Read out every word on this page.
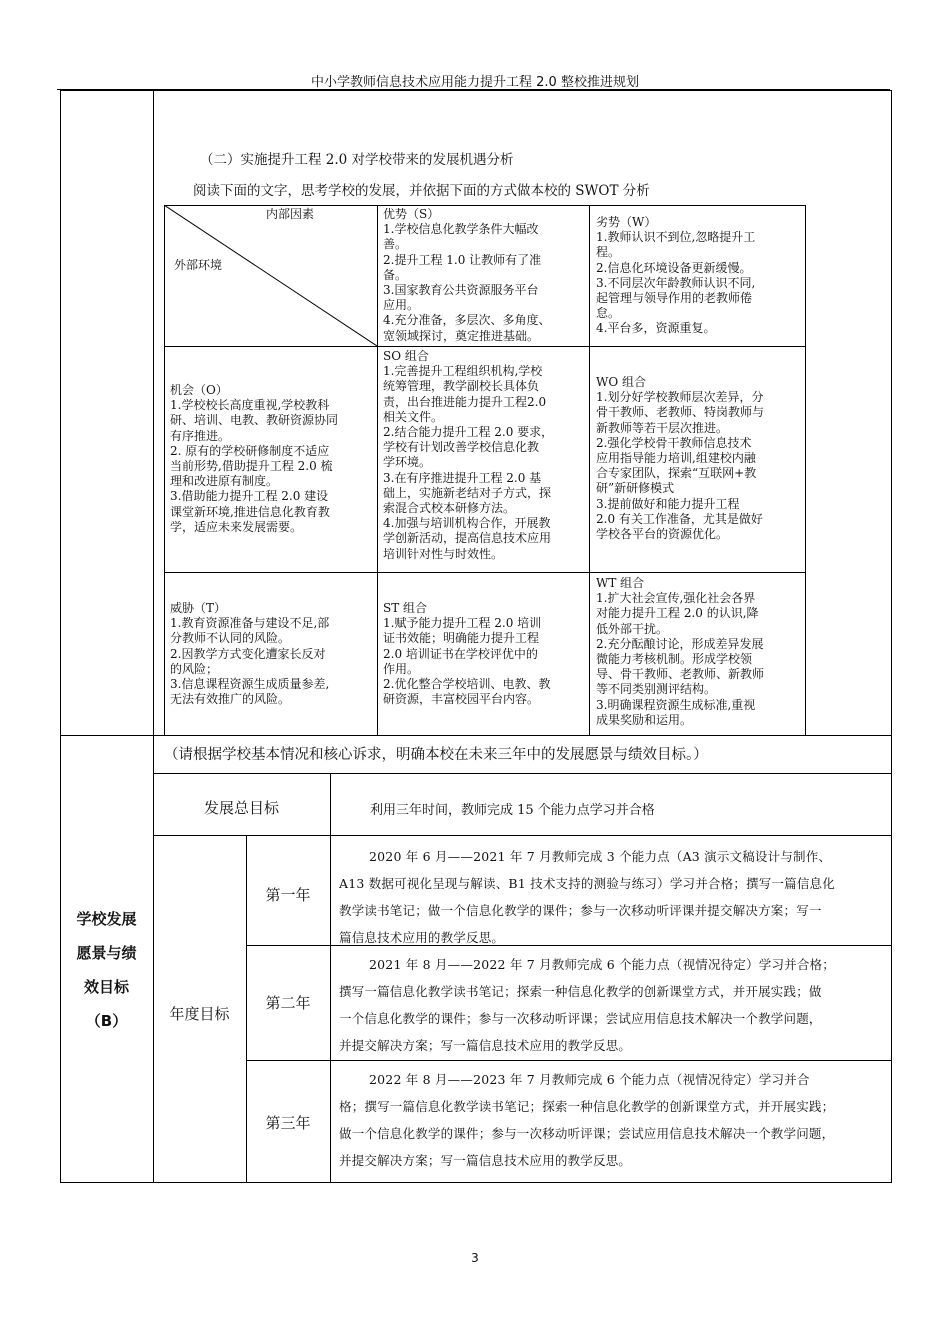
中小学教师信息技术应用能力提升工程 2.0 整校推进规划
（二）实施提升工程 2.0 对学校带来的发展机遇分析
阅读下面的文字，思考学校的发展，并依据下面的方式做本校的 SWOT 分析
内部因素
外部环境
优势（S）
1.学校信息化教学条件大幅改
善。
2.提升工程 1.0 让教师有了准
备。
3.国家教育公共资源服务平台
应用。
4.充分准备，多层次、多角度、
宽领域探讨，奠定推进基础。
劣势（W）
1.教师认识不到位,忽略提升工
程。
2.信息化环境设备更新缓慢。
3.不同层次年龄教师认识不同,
起管理与领导作用的老教师倦
怠。
4.平台多，资源重复。
机会（O）
1.学校校长高度重视,学校教科
研、培训、电教、教研资源协同
有序推进。
2. 原有的学校研修制度不适应
当前形势,借助提升工程 2.0 梳
理和改进原有制度。
3.借助能力提升工程 2.0 建设
课堂新环境,推进信息化教育教
学，适应未来发展需要。
SO 组合
1.完善提升工程组织机构,学校
统筹管理，教学副校长具体负
责，出台推进能力提升工程2.0
相关文件。
2.结合能力提升工程 2.0 要求，
学校有计划改善学校信息化教
学环境。
3.在有序推进提升工程 2.0 基
础上，实施新老结对子方式，探
索混合式校本研修方法。
4.加强与培训机构合作，开展教
学创新活动，提高信息技术应用
培训针对性与时效性。
WO 组合
1.划分好学校教师层次差异，分
骨干教师、老教师、特岗教师与
新教师等若干层次推进。
2.强化学校骨干教师信息技术
应用指导能力培训,组建校内融
合专家团队，探索“互联网+教
研”新研修模式
3.提前做好和能力提升工程
2.0 有关工作准备，尤其是做好
学校各平台的资源优化。
威胁（T）
1.教育资源准备与建设不足,部
分教师不认同的风险。
2.因教学方式变化遭家长反对
的风险；
3.信息课程资源生成质量参差,
无法有效推广的风险。
ST 组合
1.赋予能力提升工程 2.0 培训
证书效能；明确能力提升工程
2.0 培训证书在学校评优中的
作用。
2.优化整合学校培训、电教、教
研资源，丰富校园平台内容。
WT 组合
1.扩大社会宣传,强化社会各界
对能力提升工程 2.0 的认识,降
低外部干扰。
2.充分酝酿讨论，形成差异发展
微能力考核机制。形成学校领
导、骨干教师、老教师、新教师
等不同类别测评结构。
3.明确课程资源生成标准,重视
成果奖励和运用。
学校发展
愿景与绩
效目标
（B）
（请根据学校基本情况和核心诉求，明确本校在未来三年中的发展愿景与绩效目标。）
发展总目标	利用三年时间，教师完成 15 个能力点学习并合格
年度目标
第一年
第二年
第三年
2020 年 6 月——2021 年 7 月教师完成 3 个能力点（A3 演示文稿设计与制作、
A13 数据可视化呈现与解读、B1 技术支持的测验与练习）学习并合格；撰写一篇信息化
教学读书笔记；做一个信息化教学的课件；参与一次移动听评课并提交解决方案；写一
篇信息技术应用的教学反思。
2021 年 8 月——2022 年 7 月教师完成 6 个能力点（视情况待定）学习并合格；
撰写一篇信息化教学读书笔记；探索一种信息化教学的创新课堂方式，并开展实践；做
一个信息化教学的课件；参与一次移动听评课；尝试应用信息技术解决一个教学问题，
并提交解决方案；写一篇信息技术应用的教学反思。
2022 年 8 月——2023 年 7 月教师完成 6 个能力点（视情况待定）学习并合
格；撰写一篇信息化教学读书笔记；探索一种信息化教学的创新课堂方式，并开展实践；
做一个信息化教学的课件；参与一次移动听评课；尝试应用信息技术解决一个教学问题，
并提交解决方案；写一篇信息技术应用的教学反思。
3
